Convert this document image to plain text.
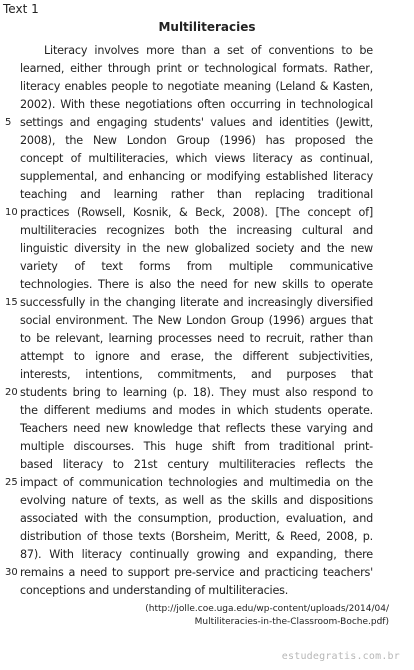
Text 1
Multiliteracies
Literacy involves more than a set of conventions to be
learned, either through print or technological formats. Rather,
literacy enables people to negotiate meaning (Leland & Kasten,
2002). With these negotiations often occurring in technological
settings and engaging students' values and identities (Jewitt,
2008), the New London Group (1996) has proposed the
concept of multiliteracies, which views literacy as continual,
supplemental, and enhancing or modifying established literacy
teaching and learning rather than replacing traditional
practices (Rowsell, Kosnik, & Beck, 2008). [The concept of]
multiliteracies recognizes both the increasing cultural and
linguistic diversity in the new globalized society and the new
variety of text forms from multiple communicative
technologies. There is also the need for new skills to operate
successfully in the changing literate and increasingly diversified
social environment. The New London Group (1996) argues that
to be relevant, learning processes need to recruit, rather than
attempt to ignore and erase, the different subjectivities,
interests, intentions, commitments, and purposes that
students bring to learning (p. 18). They must also respond to
the different mediums and modes in which students operate.
Teachers need new knowledge that reflects these varying and
multiple discourses. This huge shift from traditional print-
based literacy to 21st century multiliteracies reflects the
impact of communication technologies and multimedia on the
evolving nature of texts, as well as the skills and dispositions
associated with the consumption, production, evaluation, and
distribution of those texts (Borsheim, Meritt, & Reed, 2008, p.
87). With literacy continually growing and expanding, there
remains a need to support pre-service and practicing teachers'
conceptions and understanding of multiliteracies.
5
10
15
20
25
30
(http://jolle.coe.uga.edu/wp-content/uploads/2014/04/
Multiliteracies-in-the-Classroom-Boche.pdf)
estudegratis.com.br
